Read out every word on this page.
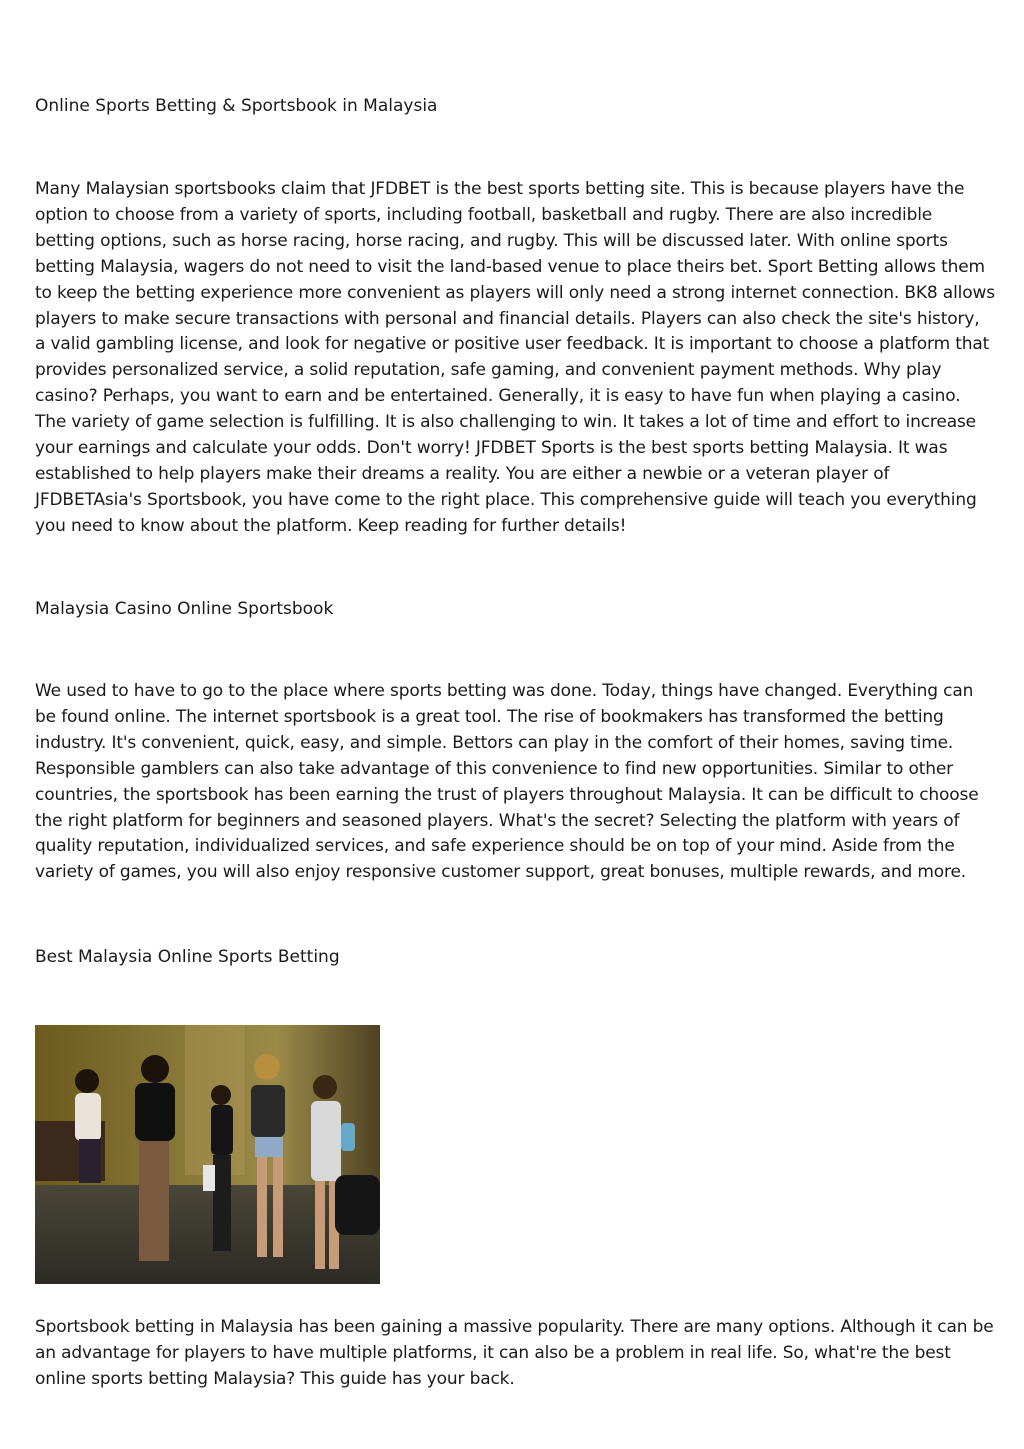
Online Sports Betting & Sportsbook in Malaysia

Many Malaysian sportsbooks claim that JFDBET is the best sports betting site. This is because players have the option to choose from a variety of sports, including football, basketball and rugby. There are also incredible betting options, such as horse racing, horse racing, and rugby. This will be discussed later. With online sports betting Malaysia, wagers do not need to visit the land-based venue to place theirs bet. Sport Betting allows them to keep the betting experience more convenient as players will only need a strong internet connection. BK8 allows players to make secure transactions with personal and financial details. Players can also check the site's history, a valid gambling license, and look for negative or positive user feedback. It is important to choose a platform that provides personalized service, a solid reputation, safe gaming, and convenient payment methods. Why play casino? Perhaps, you want to earn and be entertained. Generally, it is easy to have fun when playing a casino. The variety of game selection is fulfilling. It is also challenging to win. It takes a lot of time and effort to increase your earnings and calculate your odds. Don't worry! JFDBET Sports is the best sports betting Malaysia. It was established to help players make their dreams a reality. You are either a newbie or a veteran player of JFDBETAsia's Sportsbook, you have come to the right place. This comprehensive guide will teach you everything you need to know about the platform. Keep reading for further details!

Malaysia Casino Online Sportsbook

We used to have to go to the place where sports betting was done. Today, things have changed. Everything can be found online. The internet sportsbook is a great tool. The rise of bookmakers has transformed the betting industry. It's convenient, quick, easy, and simple. Bettors can play in the comfort of their homes, saving time. Responsible gamblers can also take advantage of this convenience to find new opportunities. Similar to other countries, the sportsbook has been earning the trust of players throughout Malaysia. It can be difficult to choose the right platform for beginners and seasoned players. What's the secret? Selecting the platform with years of quality reputation, individualized services, and safe experience should be on top of your mind. Aside from the variety of games, you will also enjoy responsive customer support, great bonuses, multiple rewards, and more.

Best Malaysia Online Sports Betting

Sportsbook betting in Malaysia has been gaining a massive popularity. There are many options. Although it can be an advantage for players to have multiple platforms, it can also be a problem in real life. So, what're the best online sports betting Malaysia? This guide has your back.
